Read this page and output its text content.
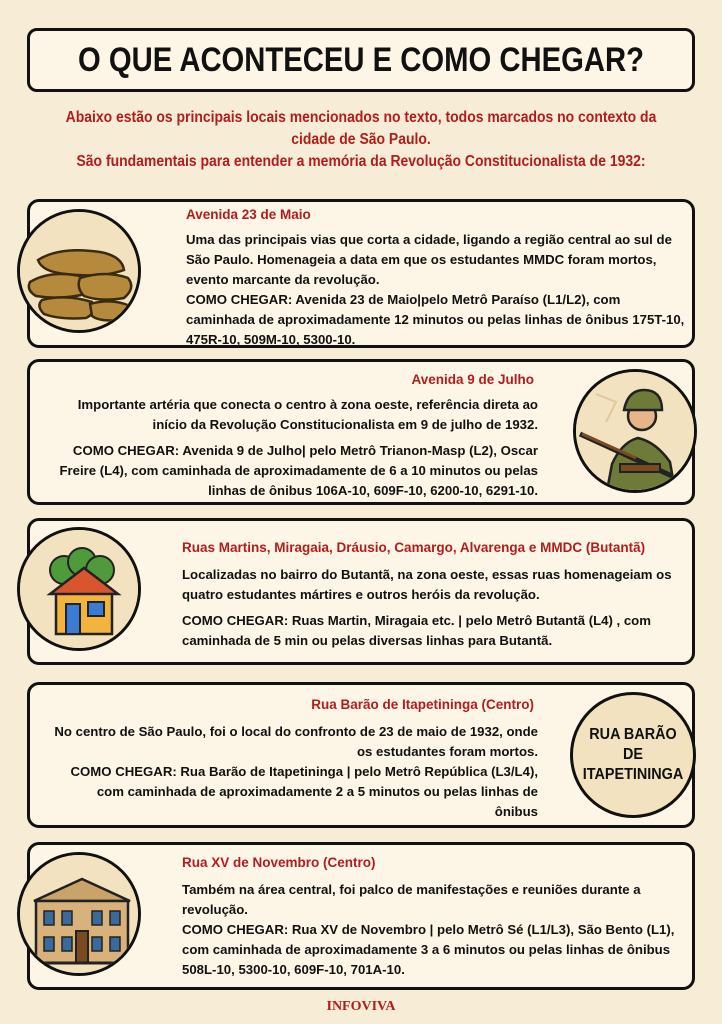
O QUE ACONTECEU E COMO CHEGAR?

Abaixo estão os principais locais mencionados no texto, todos marcados no contexto da cidade de São Paulo.

São fundamentais para entender a memória da Revolução Constitucionalista de 1932:

Avenida 23 de Maio

Uma das principais vias que corta a cidade, ligando a região central ao sul de São Paulo. Homenageia a data em que os estudantes MMDC foram mortos, evento marcante da revolução.

COMO CHEGAR: Avenida 23 de Maio|pelo Metrô Paraíso (L1/L2), com caminhada de aproximadamente 12 minutos ou pelas linhas de ônibus 175T-10, 475R-10, 509M-10, 5300-10.

Avenida 9 de Julho

Importante artéria que conecta o centro à zona oeste, referência direta ao início da Revolução Constitucionalista em 9 de julho de 1932.

COMO CHEGAR: Avenida 9 de Julho| pelo Metrô Trianon-Masp (L2), Oscar Freire (L4), com caminhada de aproximadamente de 6 a 10 minutos ou pelas linhas de ônibus 106A-10, 609F-10, 6200-10, 6291-10.

Ruas Martins, Miragaia, Dráusio, Camargo, Alvarenga e MMDC (Butantã)

Localizadas no bairro do Butantã, na zona oeste, essas ruas homenageiam os quatro estudantes mártires e outros heróis da revolução.

COMO CHEGAR: Ruas Martin, Miragaia etc. | pelo Metrô Butantã (L4) , com caminhada de 5 min ou pelas diversas linhas para Butantã.

Rua Barão de Itapetininga (Centro)

No centro de São Paulo, foi o local do confronto de 23 de maio de 1932, onde os estudantes foram mortos.

COMO CHEGAR: Rua Barão de Itapetininga | pelo Metrô República (L3/L4), com caminhada de aproximadamente 2 a 5 minutos ou pelas linhas de ônibus

RUA BARÃO DE ITAPETININGA
Rua XV de Novembro (Centro)

Também na área central, foi palco de manifestações e reuniões durante a revolução.

COMO CHEGAR: Rua XV de Novembro | pelo Metrô Sé (L1/L3), São Bento (L1), com caminhada de aproximadamente 3 a 6 minutos ou pelas linhas de ônibus 508L-10, 5300-10, 609F-10, 701A-10.

INFOVIVA
